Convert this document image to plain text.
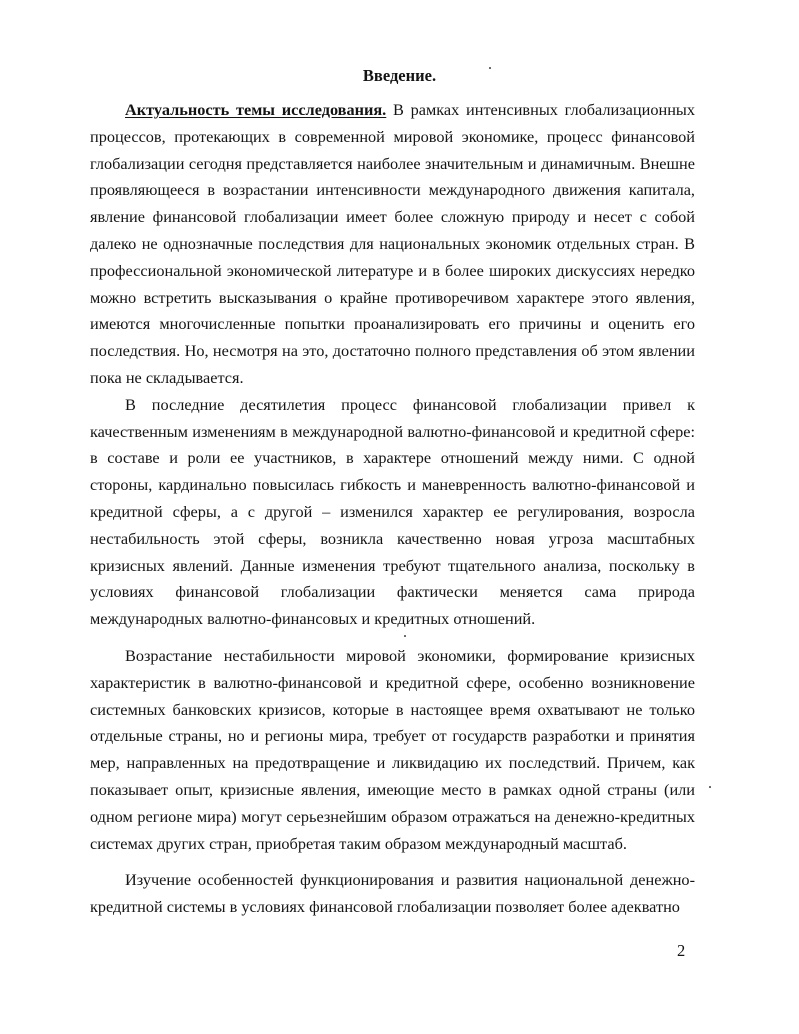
Введение.

Актуальность темы исследования. В рамках интенсивных глобализационных процессов, протекающих в современной мировой экономике, процесс финансовой глобализации сегодня представляется наиболее значительным и динамичным. Внешне проявляющееся в возрастании интенсивности международного движения капитала, явление финансовой глобализации имеет более сложную природу и несет с собой далеко не однозначные последствия для национальных экономик отдельных стран. В профессиональной экономической литературе и в более широких дискуссиях нередко можно встретить высказывания о крайне противоречивом характере этого явления, имеются многочисленные попытки проанализировать его причины и оценить его последствия. Но, несмотря на это, достаточно полного представления об этом явлении пока не складывается.

В последние десятилетия процесс финансовой глобализации привел к качественным изменениям в международной валютно-финансовой и кредитной сфере: в составе и роли ее участников, в характере отношений между ними. С одной стороны, кардинально повысилась гибкость и маневренность валютно-финансовой и кредитной сферы, а с другой – изменился характер ее регулирования, возросла нестабильность этой сферы, возникла качественно новая угроза масштабных кризисных явлений. Данные изменения требуют тщательного анализа, поскольку в условиях финансовой глобализации фактически меняется сама природа международных валютно-финансовых и кредитных отношений.

Возрастание нестабильности мировой экономики, формирование кризисных характеристик в валютно-финансовой и кредитной сфере, особенно возникновение системных банковских кризисов, которые в настоящее время охватывают не только отдельные страны, но и регионы мира, требует от государств разработки и принятия мер, направленных на предотвращение и ликвидацию их последствий. Причем, как показывает опыт, кризисные явления, имеющие место в рамках одной страны (или одном регионе мира) могут серьезнейшим образом отражаться на денежно-кредитных системах других стран, приобретая таким образом международный масштаб.

Изучение особенностей функционирования и развития национальной денежно-кредитной системы в условиях финансовой глобализации позволяет более адекватно

2
